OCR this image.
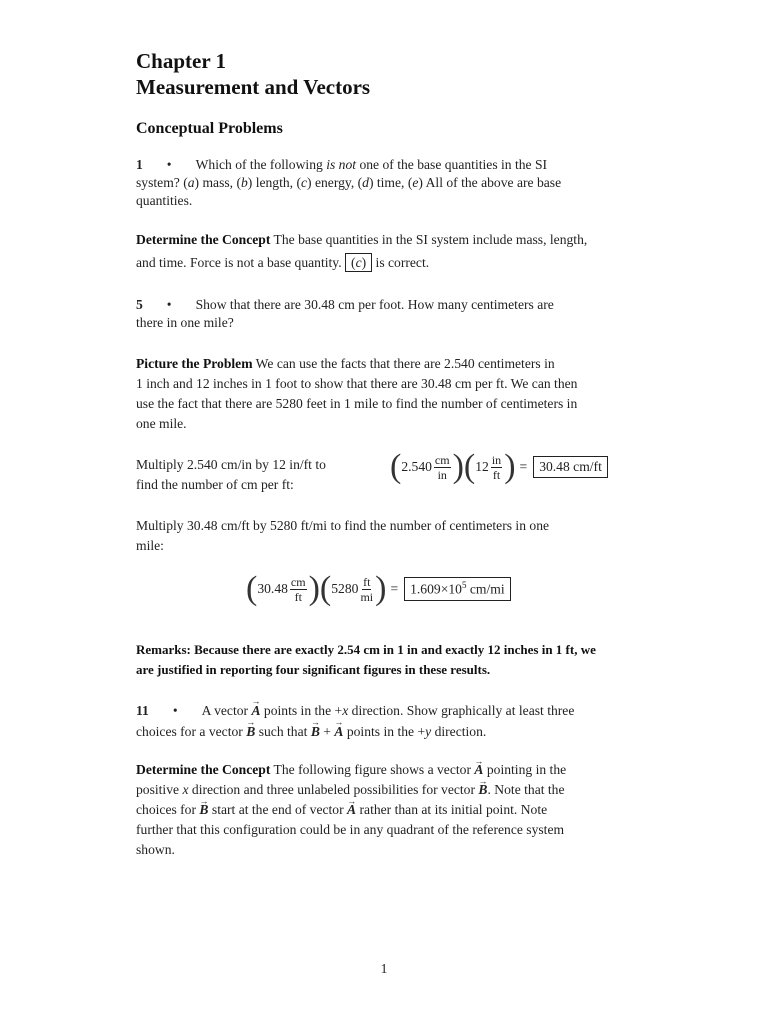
Chapter 1
Measurement and Vectors
Conceptual Problems
1 • Which of the following is not one of the base quantities in the SI
system? (a) mass, (b) length, (c) energy, (d) time, (e) All of the above are base
quantities.
Determine the Concept The base quantities in the SI system include mass, length,
and time. Force is not a base quantity. (c) is correct.
5 • Show that there are 30.48 cm per foot. How many centimeters are
there in one mile?
Picture the Problem We can use the facts that there are 2.540 centimeters in
1 inch and 12 inches in 1 foot to show that there are 30.48 cm per ft. We can then
use the fact that there are 5280 feet in 1 mile to find the number of centimeters in
one mile.
Multiply 2.540 cm/in by 12 in/ft to
find the number of cm per ft:	( $2.540 \frac{cm}{in}$ ) ( $12 \frac{in}{ft}$ ) = 30.48 cm/ft
Multiply 30.48 cm/ft by 5280 ft/mi to find the number of centimeters in one
mile:
( $30.48 \frac{cm}{ft}$ ) ( $5280 \frac{ft}{mi}$ ) = $1.609\times 10^5$ cm/mi
Remarks: Because there are exactly 2.54 cm in 1 in and exactly 12 inches in 1 ft, we
are justified in reporting four significant figures in these results.
11 • A vector → A points in the +x direction. Show graphically at least three
choices for a vector → B such that → B + → A points in the +y direction.
Determine the Concept The following figure shows a vector → A pointing in the
positive x direction and three unlabeled possibilities for vector → B. Note that the
choices for → B start at the end of vector → A rather than at its initial point. Note
further that this configuration could be in any quadrant of the reference system
shown.
1
